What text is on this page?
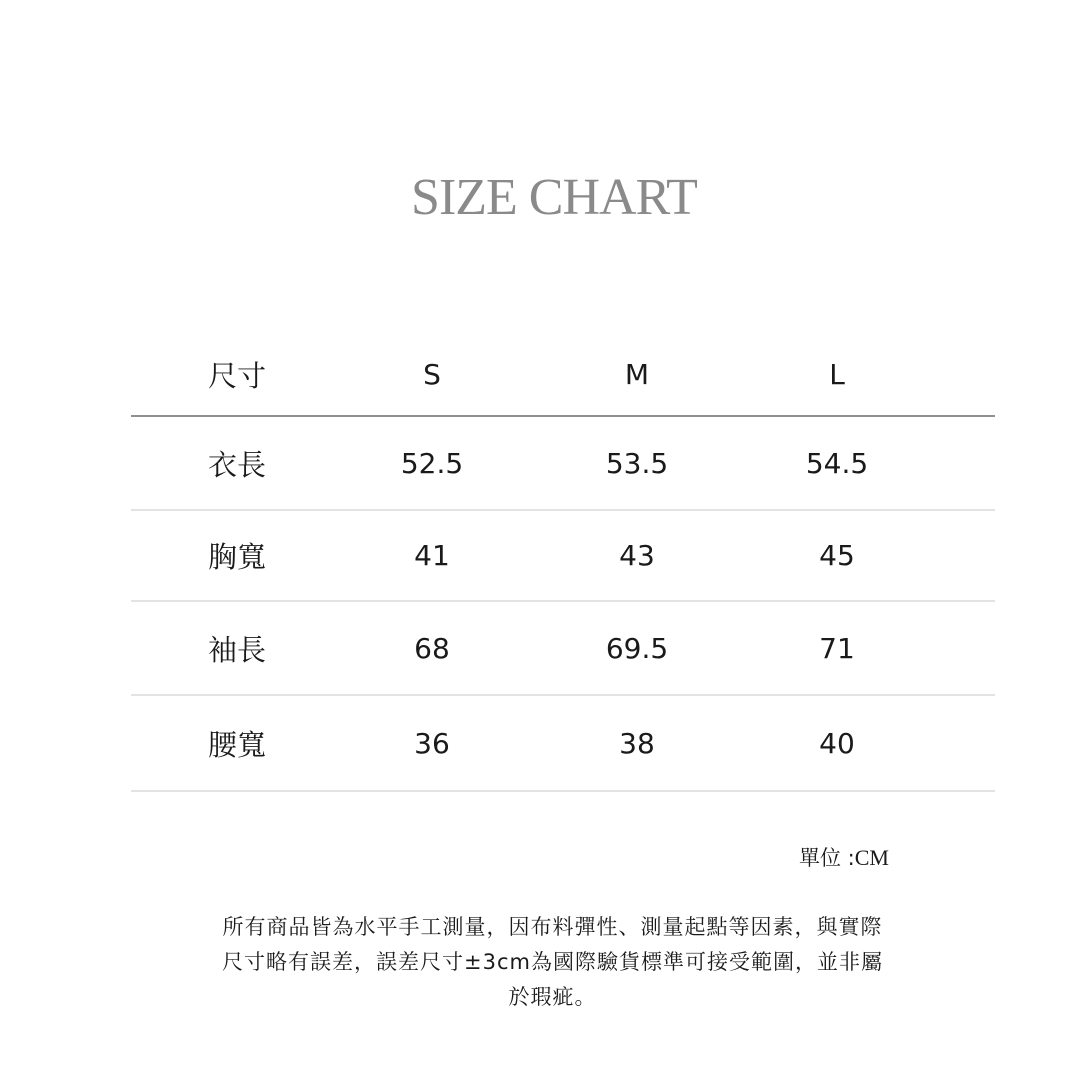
SIZE CHART
尺寸	S	M	L
衣長	52.5	53.5	54.5
胸寬	41	43	45
袖長	68	69.5	71
腰寬	36	38	40
單位 : CM
所有商品皆為水平手工測量，因布料彈性、測量起點等因素，與實際
尺寸略有誤差，誤差尺寸±3cm為國際驗貨標準可接受範圍，並非屬
於瑕疵。
